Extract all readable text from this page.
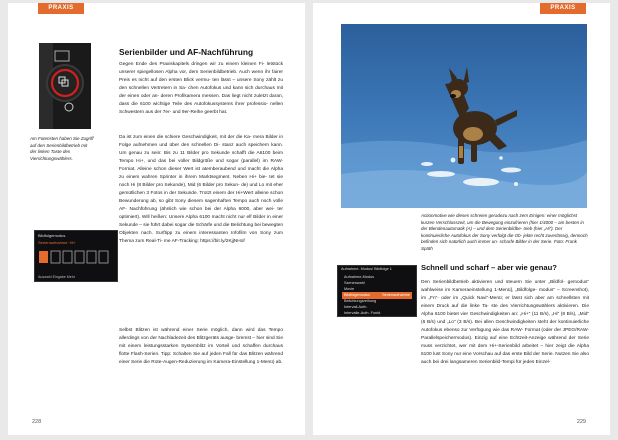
PRAXIS
Am Fotensten haben Sie Zugriff auf den Serienbildbetrieb mit der linken Taste des Vierrichtungswählers.
Serienbilder und AF-Nachführung
Gegen Ende des Praxiskapitels dringen wir zu einem kleinen Fi- letstück unserer spiegellosen Alpha vor, dem Serienbildbetrieb. Auch wenn ihr fairer Preis es nicht auf den ersten Blick vermu- ten lässt – unsere Sony zählt zu den schnellen Vertretern in Sa- chen Autofokus und kann sich durchaus mit der einen oder an- deren Profikamera messen. Das liegt nicht zuletzt daran, dass die 6100 wichtige Teile des Autofokussystems ihrer professio- nellen Schwestern aus der 7er- und 9er-Reihe geerbt hat.
Da ist zum einen die schiere Geschwindigkeit, mit der die Ka- mera Bilder in Folge aufnehmen und über den schnellen Di- stanz auch speichern kann. Um genau zu sein: Bis zu 11 Bilder pro Sekunde schafft die A6100 beim Tempo Hi+, und das bei voller Bildgröße und sogar (parallel) im RAW-Format. Alleine schon dieser Wert ist atemberaubend und macht die Alpha zu einem wahren Sprinter in ihrem Marktsegment. Neben Hi+ bie- tet sie noch Hi (8 Bilder pro Sekunde), Mid (6 Bilder pro Sekun- de) und Lo mit eher gemütlichen 3 Fotos in der Sekunde. Trotzt einem der Hi+Wert alleine schon Bewunderung ab, so gibt Sony diesem sagenhaften Tempo auch noch volle AF- Nachführung (ähnlich wie schon bei der Alpha 6000, aber wei- ter optimiert). Will heißen: Unsere Alpha 6100 macht nicht nur elf Bilder in einer Sekunde – sie führt dabei sogar die Schärfe und die Belichtung bei bewegten Objekten nach. Surftipp zu einem interessanten Infofilm von Sony zum Thema zum Real-Ti- me AF-Tracking: https://bit.ly/2KjjNHof
Bildfolgemodus
Serienaufnahme: Hi+
Auswahl Eingabe Mehr
Selbst Blitzen ist während einer Serie möglich, dann wird das Tempo allerdings von der Nachladezeit des Blitzgeräts ausge- bremst – hier sind Sie mit einem leistungsstarken Systemblitz im Vorteil und schaffen durchaus flotte Flash-Serien. Tipp: Schalten Sie auf jeden Fall für das Blitzen während einer Serie die Rote-Augen-Reduzierung im Kamera-Einstellung 1-Menü) ab.
228
PRAXIS
Actionmotive wie dieses schreien geradezu nach zem Einigen: einer möglichst kurzen Verschlusszeit, um die Bewegung einzufrieren (hier 1/4000 – am besten in der Blendenautomatik (A) – und dem Serienbildbe- trieb (hier „Hi“). Der kontinuierliche Autofokus der Sony verfolgt die Ob- jekte recht zuverlässig, dennoch befinden sich natürlich auch immer un- scharfe Bilder in der Serie. Foto: Frank Späth
Aufnahme- Modus/ Bildfolge 1
Aufnahme-Modus
Szenenwahl
Movie
Bildfolgemodus	Serienaufnahme
Belichtungsreihung
Intervall-Aufn.
Intervalle-Aufn. Funkt.
Schnell und scharf – aber wie genau?
Den Serienbildbetrieb aktivieren und steuern Sie unter „Bildfol- gemodus“ wahlweise im Kameraeinstellung 1-Menü], „Bildfolge- modus“ – Screenshot), im „Fn“- oder im „Quick Navi“-Menü; er lässt sich aber am schnellsten mit einem Druck auf die linke Ta- ste des Vierrichtungswählers aktivieren. Die Alpha 6100 bietet vier Geschwindigkeiten an: „Hi+“ (11 B/s), „Hi“ (8 B/s), „Mid“ (6 B/s) und „Lo“ (3 B/s). Bei allen Geschwindigkeiten steht der kontinuierliche Autofokus ebenso zur Verfügung wie das RAW- Format (oder der JPEG/RAW-Parallelspeichermodus). Einzig auf eine Echtzeit-Anzeige während der Serie muss verzichtet, wer mit dem Hi+-Serienbild arbeitet – hier zeigt die Alpha 6100 lust Sony nur eine Vorschau auf das erste Bild der Serie. Nutzen Sie also auch bei drei langsameren Serienbild-Tempi für jedes Einzel-
229
